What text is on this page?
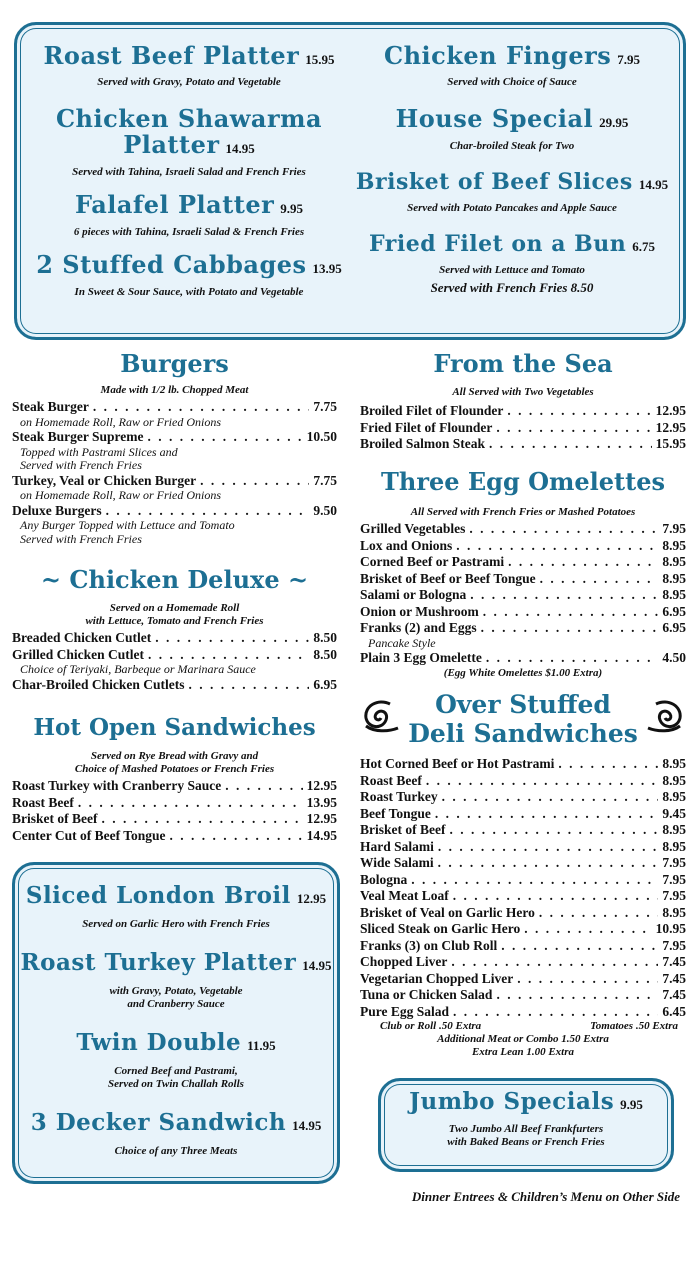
Roast Beef Platter 15.95
Served with Gravy, Potato and Vegetable
Chicken Shawarma
Platter 14.95
Served with Tahina, Israeli Salad and French Fries
Falafel Platter 9.95
6 pieces with Tahina, Israeli Salad & French Fries
2 Stuffed Cabbages 13.95
In Sweet & Sour Sauce, with Potato and Vegetable
Chicken Fingers 7.95
Served with Choice of Sauce
House Special 29.95
Char-broiled Steak for Two
Brisket of Beef Slices 14.95
Served with Potato Pancakes and Apple Sauce
Fried Filet on a Bun 6.75
Served with Lettuce and Tomato
Served with French Fries 8.50
Burgers
Made with 1/2 lb. Chopped Meat
Steak Burger . . .	7.75
on Homemade Roll, Raw or Fried Onions
Steak Burger Supreme . . .	10.50
Topped with Pastrami Slices and
Served with French Fries
Turkey, Veal or Chicken Burger . . .	7.75
on Homemade Roll, Raw or Fried Onions
Deluxe Burgers . . .	9.50
Any Burger Topped with Lettuce and Tomato
Served with French Fries
~ Chicken Deluxe ~
Served on a Homemade Roll
with Lettuce, Tomato and French Fries
Breaded Chicken Cutlet . . .	8.50
Grilled Chicken Cutlet . . .	8.50
Choice of Teriyaki, Barbeque or Marinara Sauce
Char-Broiled Chicken Cutlets . . .	6.95
Hot Open Sandwiches
Served on Rye Bread with Gravy and
Choice of Mashed Potatoes or French Fries
Roast Turkey with Cranberry Sauce . . .	12.95
Roast Beef . . .	13.95
Brisket of Beef . . .	12.95
Center Cut of Beef Tongue . . .	14.95
Sliced London Broil 12.95
Served on Garlic Hero with French Fries
Roast Turkey Platter 14.95
with Gravy, Potato, Vegetable
and Cranberry Sauce
Twin Double 11.95
Corned Beef and Pastrami,
Served on Twin Challah Rolls
3 Decker Sandwich 14.95
Choice of any Three Meats
From the Sea
All Served with Two Vegetables
Broiled Filet of Flounder . . .	12.95
Fried Filet of Flounder . . .	12.95
Broiled Salmon Steak . . .	15.95
Three Egg Omelettes
All Served with French Fries or Mashed Potatoes
Grilled Vegetables . . .	7.95
Lox and Onions . . .	8.95
Corned Beef or Pastrami . . .	8.95
Brisket of Beef or Beef Tongue . . .	8.95
Salami or Bologna . . .	8.95
Onion or Mushroom . . .	6.95
Franks (2) and Eggs . . .	6.95
Pancake Style
Plain 3 Egg Omelette . . .	4.50
(Egg White Omelettes $1.00 Extra)
Over Stuffed
Deli Sandwiches
Hot Corned Beef or Hot Pastrami . . .	8.95
Roast Beef . . .	8.95
Roast Turkey . . .	8.95
Beef Tongue . . .	9.45
Brisket of Beef . . .	8.95
Hard Salami . . .	8.95
Wide Salami . . .	7.95
Bologna . . .	7.95
Veal Meat Loaf . . .	7.95
Brisket of Veal on Garlic Hero . . .	8.95
Sliced Steak on Garlic Hero . . .	10.95
Franks (3) on Club Roll . . .	7.95
Chopped Liver . . .	7.45
Vegetarian Chopped Liver . . .	7.45
Tuna or Chicken Salad . . .	7.45
Pure Egg Salad . . .	6.45
Club or Roll .50 Extra	Tomatoes .50 Extra
Additional Meat or Combo 1.50 Extra
Extra Lean 1.00 Extra
Jumbo Specials 9.95
Two Jumbo All Beef Frankfurters
with Baked Beans or French Fries
Dinner Entrees & Children’s Menu on Other Side
